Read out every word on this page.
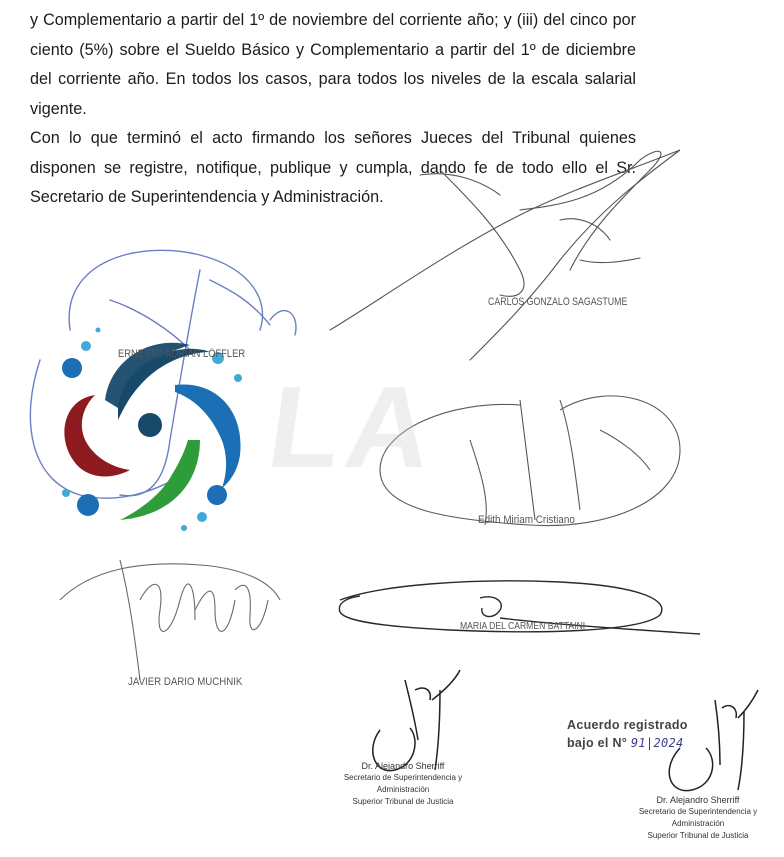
y Complementario a partir del 1º de noviembre del corriente año; y (iii) del cinco por ciento (5%) sobre el Sueldo Básico y Complementario a partir del 1º de diciembre del corriente año. En todos los casos, para todos los niveles de la escala salarial vigente.

Con lo que terminó el acto firmando los señores Jueces del Tribunal quienes disponen se registre, notifique, publique y cumpla, dando fe de todo ello el Sr. Secretario de Superintendencia y Administración.

LA
CARLOS GONZALO SAGASTUME
ERNESTO ADRIAN LÖFFLER
Edith Miriam Cristiano
MARIA DEL CARMEN BATTAINI
JAVIER DARIO MUCHNIK
Dr. Alejandro Sherriff
Secretario de Superintendencia y Administración
Superior Tribunal de Justicia
Acuerdo registrado
bajo el N° 91|2024
Dr. Alejandro Sherriff
Secretario de Superintendencia y Administración
Superior Tribunal de Justicia
